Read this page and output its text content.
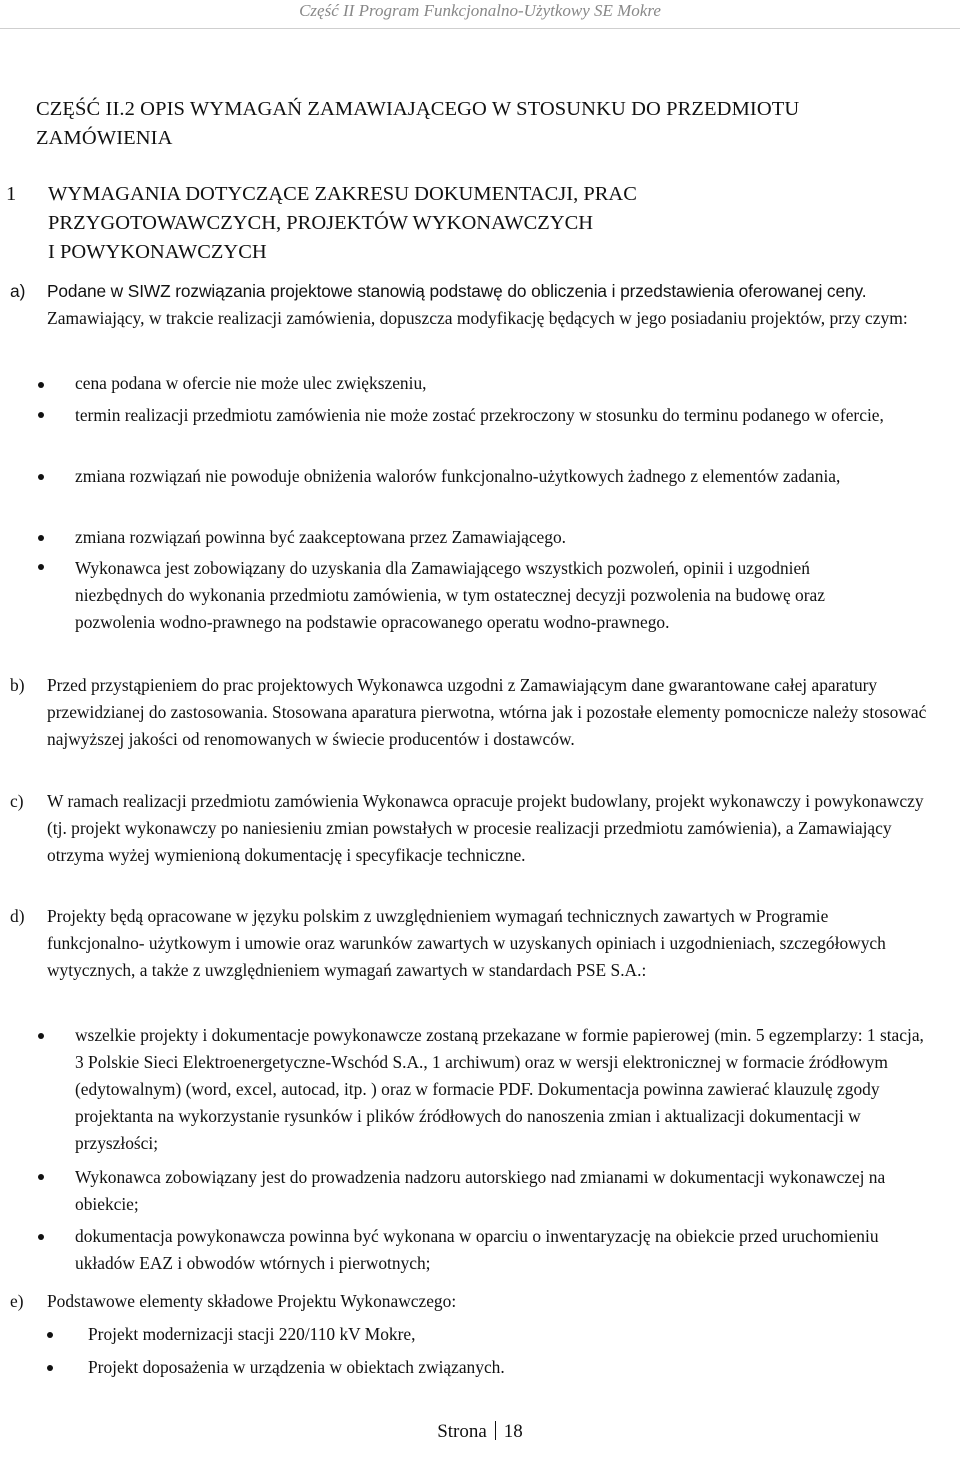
Część II Program Funkcjonalno-Użytkowy SE Mokre
CZĘŚĆ II.2 OPIS WYMAGAŃ ZAMAWIAJĄCEGO W STOSUNKU DO PRZEDMIOTU ZAMÓWIENIA
1 WYMAGANIA DOTYCZĄCE ZAKRESU DOKUMENTACJI, PRAC
PRZYGOTOWAWCZYCH, PROJEKTÓW WYKONAWCZYCH
I POWYKONAWCZYCH
a) Podane w SIWZ rozwiązania projektowe stanowią podstawę do obliczenia i przedstawienia oferowanej ceny. Zamawiający, w trakcie realizacji zamówienia, dopuszcza modyfikację będących w jego posiadaniu projektów, przy czym:

cena podana w ofercie nie może ulec zwiększeniu,

termin realizacji przedmiotu zamówienia nie może zostać przekroczony w stosunku do terminu podanego w ofercie,

zmiana rozwiązań nie powoduje obniżenia walorów funkcjonalno-użytkowych żadnego z elementów zadania,

zmiana rozwiązań powinna być zaakceptowana przez Zamawiającego.

Wykonawca jest zobowiązany do uzyskania dla Zamawiającego wszystkich pozwoleń, opinii i uzgodnień niezbędnych do wykonania przedmiotu zamówienia, w tym ostatecznej decyzji pozwolenia na budowę oraz pozwolenia wodno-prawnego na podstawie opracowanego operatu wodno-prawnego.

b) Przed przystąpieniem do prac projektowych Wykonawca uzgodni z Zamawiającym dane gwarantowane całej aparatury przewidzianej do zastosowania. Stosowana aparatura pierwotna, wtórna jak i pozostałe elementy pomocnicze należy stosować najwyższej jakości od renomowanych w świecie producentów i dostawców.

c) W ramach realizacji przedmiotu zamówienia Wykonawca opracuje projekt budowlany, projekt wykonawczy i powykonawczy (tj. projekt wykonawczy po naniesieniu zmian powstałych w procesie realizacji przedmiotu zamówienia), a Zamawiający otrzyma wyżej wymienioną dokumentację i specyfikacje techniczne.

d) Projekty będą opracowane w języku polskim z uwzględnieniem wymagań technicznych zawartych w Programie funkcjonalno- użytkowym i umowie oraz warunków zawartych w uzyskanych opiniach i uzgodnieniach, szczegółowych wytycznych, a także z uwzględnieniem wymagań zawartych w standardach PSE S.A.:

wszelkie projekty i dokumentacje powykonawcze zostaną przekazane w formie papierowej (min. 5 egzemplarzy: 1 stacja, 3 Polskie Sieci Elektroenergetyczne-Wschód S.A., 1 archiwum) oraz w wersji elektronicznej w formacie źródłowym (edytowalnym) (word, excel, autocad, itp. ) oraz w formacie PDF. Dokumentacja powinna zawierać klauzulę zgody projektanta na wykorzystanie rysunków i plików źródłowych do nanoszenia zmian i aktualizacji dokumentacji w przyszłości;

Wykonawca zobowiązany jest do prowadzenia nadzoru autorskiego nad zmianami w dokumentacji wykonawczej na obiekcie;

dokumentacja powykonawcza powinna być wykonana w oparciu o inwentaryzację na obiekcie przed uruchomieniu układów EAZ i obwodów wtórnych i pierwotnych;

e) Podstawowe elementy składowe Projektu Wykonawczego:

Projekt modernizacji stacji 220/110 kV Mokre,

Projekt doposażenia w urządzenia w obiektach związanych.

Strona 18
